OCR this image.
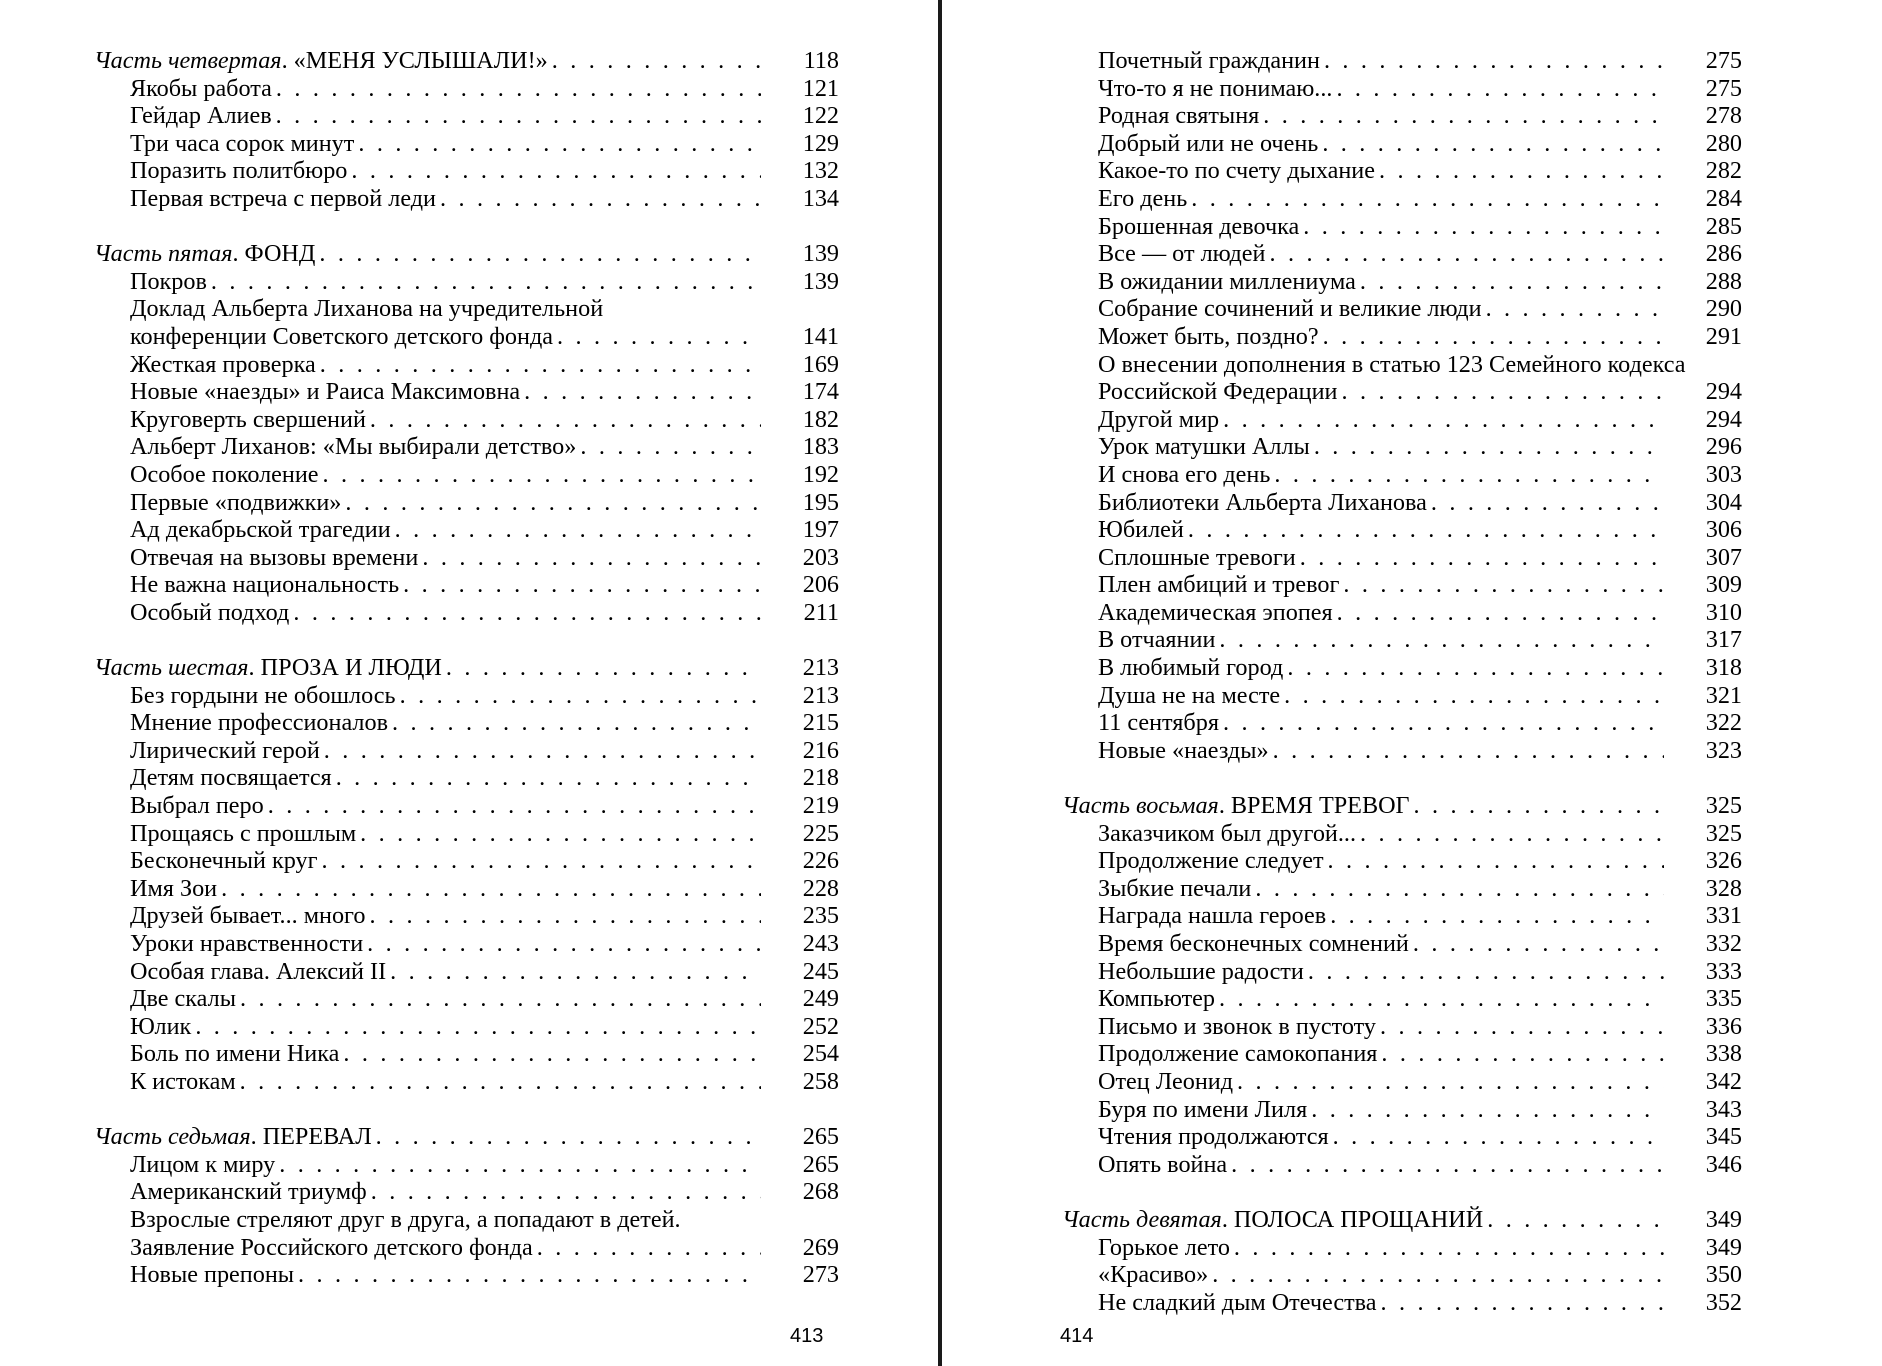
Часть четвертая. «МЕНЯ УСЛЫШАЛИ!» . . .	118
Якобы работа . . .	121
Гейдар Алиев . . .	122
Три часа сорок минут . . .	129
Поразить политбюро . . .	132
Первая встреча с первой леди . . .	134
Часть пятая. ФОНД . . .	139
Покров . . .	139
Доклад Альберта Лиханова на учредительной
конференции Советского детского фонда . . .	141
Жесткая проверка . . .	169
Новые «наезды» и Раиса Максимовна . . .	174
Круговерть свершений . . .	182
Альберт Лиханов: «Мы выбирали детство» . . .	183
Особое поколение . . .	192
Первые «подвижки» . . .	195
Ад декабрьской трагедии . . .	197
Отвечая на вызовы времени . . .	203
Не важна национальность . . .	206
Особый подход . . .	211
Часть шестая. ПРОЗА И ЛЮДИ . . .	213
Без гордыни не обошлось . . .	213
Мнение профессионалов . . .	215
Лирический герой . . .	216
Детям посвящается . . .	218
Выбрал перо . . .	219
Прощаясь с прошлым . . .	225
Бесконечный круг . . .	226
Имя Зои . . .	228
Друзей бывает... много . . .	235
Уроки нравственности . . .	243
Особая глава. Алексий II . . .	245
Две скалы . . .	249
Юлик . . .	252
Боль по имени Ника . . .	254
К истокам . . .	258
Часть седьмая. ПЕРЕВАЛ . . .	265
Лицом к миру . . .	265
Американский триумф . . .	268
Взрослые стреляют друг в друга, а попадают в детей.
Заявление Российского детского фонда . . .	269
Новые препоны . . .	273
413
Почетный гражданин . . .	275
Что-то я не понимаю... . . .	275
Родная святыня . . .	278
Добрый или не очень . . .	280
Какое-то по счету дыхание . . .	282
Его день . . .	284
Брошенная девочка . . .	285
Все — от людей . . .	286
В ожидании миллениума . . .	288
Собрание сочинений и великие люди . . .	290
Может быть, поздно? . . .	291
О внесении дополнения в статью 123 Семейного кодекса
Российской Федерации . . .	294
Другой мир . . .	294
Урок матушки Аллы . . .	296
И снова его день . . .	303
Библиотеки Альберта Лиханова . . .	304
Юбилей . . .	306
Сплошные тревоги . . .	307
Плен амбиций и тревог . . .	309
Академическая эпопея . . .	310
В отчаянии . . .	317
В любимый город . . .	318
Душа не на месте . . .	321
11 сентября . . .	322
Новые «наезды» . . .	323
Часть восьмая. ВРЕМЯ ТРЕВОГ . . .	325
Заказчиком был другой... . . .	325
Продолжение следует . . .	326
Зыбкие печали . . .	328
Награда нашла героев . . .	331
Время бесконечных сомнений . . .	332
Небольшие радости . . .	333
Компьютер . . .	335
Письмо и звонок в пустоту . . .	336
Продолжение самокопания . . .	338
Отец Леонид . . .	342
Буря по имени Лиля . . .	343
Чтения продолжаются . . .	345
Опять война . . .	346
Часть девятая. ПОЛОСА ПРОЩАНИЙ . . .	349
Горькое лето . . .	349
«Красиво» . . .	350
Не сладкий дым Отечества . . .	352
414
